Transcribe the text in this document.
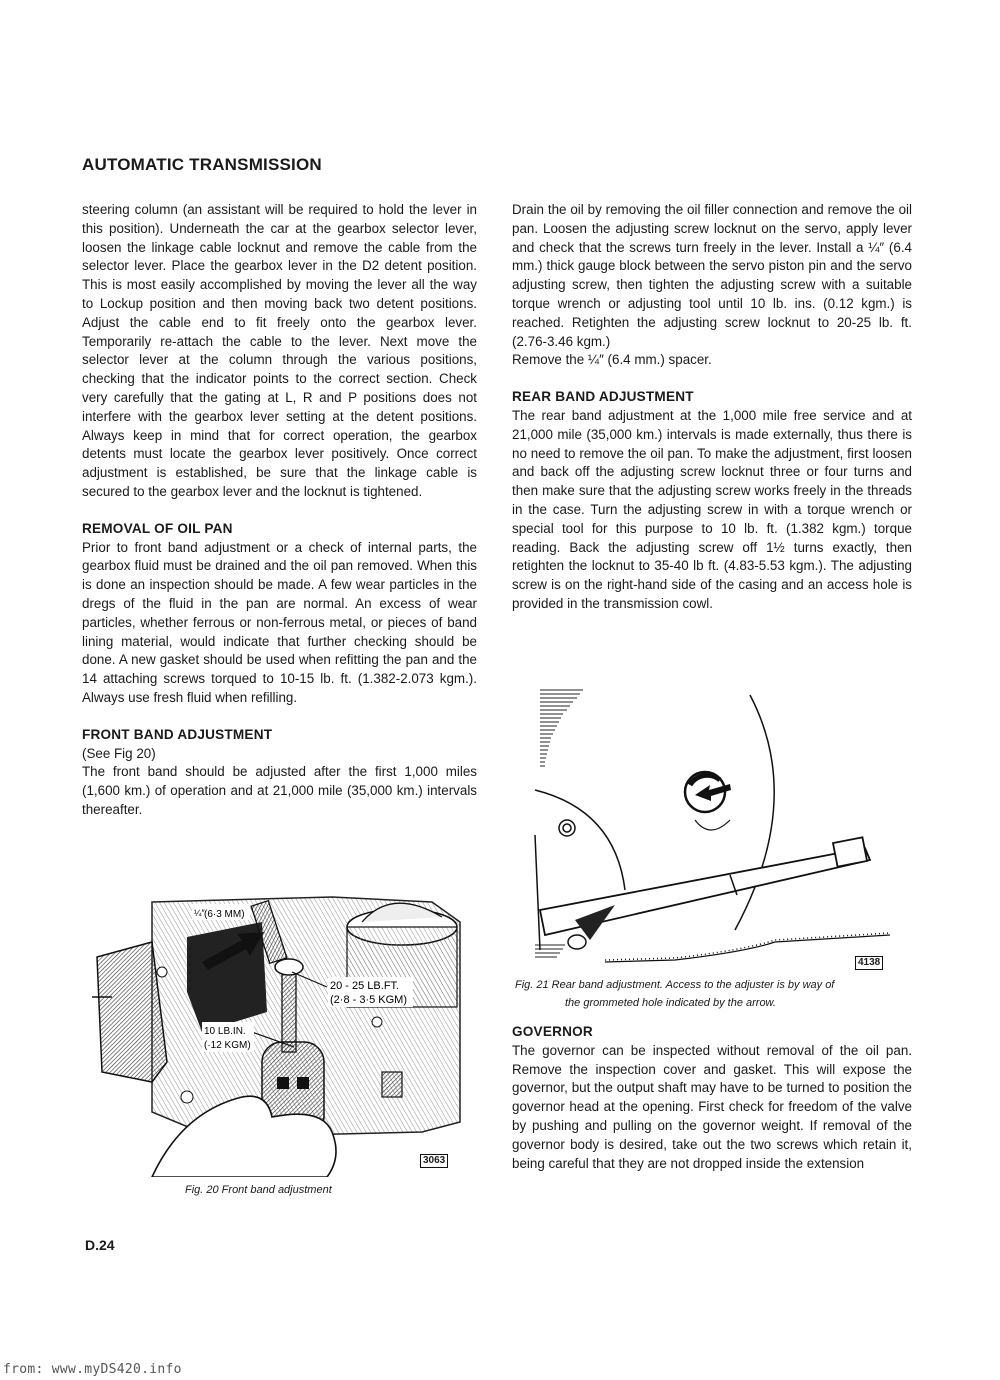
AUTOMATIC TRANSMISSION

steering column (an assistant will be required to hold the lever in this position). Underneath the car at the gearbox selector lever, loosen the linkage cable locknut and remove the cable from the selector lever. Place the gearbox lever in the D2 detent position. This is most easily accomplished by moving the lever all the way to Lockup position and then moving back two detent positions. Adjust the cable end to fit freely onto the gearbox lever. Temporarily re-attach the cable to the lever. Next move the selector lever at the column through the various positions, checking that the indicator points to the correct section. Check very carefully that the gating at L, R and P positions does not interfere with the gearbox lever setting at the detent positions. Always keep in mind that for correct operation, the gearbox detents must locate the gearbox lever positively. Once correct adjustment is established, be sure that the linkage cable is secured to the gearbox lever and the locknut is tightened.

REMOVAL OF OIL PAN

Prior to front band adjustment or a check of internal parts, the gearbox fluid must be drained and the oil pan removed. When this is done an inspection should be made. A few wear particles in the dregs of the fluid in the pan are normal. An excess of wear particles, whether ferrous or non-ferrous metal, or pieces of band lining material, would indicate that further checking should be done. A new gasket should be used when refitting the pan and the 14 attaching screws torqued to 10-15 lb. ft. (1.382-2.073 kgm.). Always use fresh fluid when refilling.

FRONT BAND ADJUSTMENT

(See Fig 20)

The front band should be adjusted after the first 1,000 miles (1,600 km.) of operation and at 21,000 mile (35,000 km.) intervals thereafter.

¼″ (6·3 MM)
20 - 25 LB.FT.
(2·8 - 3·5 KGM)
10 LB.IN.
(·12 KGM)
3063
Fig. 20 Front band adjustment

Drain the oil by removing the oil filler connection and remove the oil pan. Loosen the adjusting screw locknut on the servo, apply lever and check that the screws turn freely in the lever. Install a ¼″ (6.4 mm.) thick gauge block between the servo piston pin and the servo adjusting screw, then tighten the adjusting screw with a suitable torque wrench or adjusting tool until 10 lb. ins. (0.12 kgm.) is reached. Retighten the adjusting screw locknut to 20-25 lb. ft. (2.76-3.46 kgm.)

Remove the ¼″ (6.4 mm.) spacer.

REAR BAND ADJUSTMENT

The rear band adjustment at the 1,000 mile free service and at 21,000 mile (35,000 km.) intervals is made externally, thus there is no need to remove the oil pan. To make the adjustment, first loosen and back off the adjusting screw locknut three or four turns and then make sure that the adjusting screw works freely in the threads in the case. Turn the adjusting screw in with a torque wrench or special tool for this purpose to 10 lb. ft. (1.382 kgm.) torque reading. Back the adjusting screw off 1½ turns exactly, then retighten the locknut to 35-40 lb ft. (4.83-5.53 kgm.). The adjusting screw is on the right-hand side of the casing and an access hole is provided in the transmission cowl.

4138
Fig. 21 Rear band adjustment. Access to the adjuster is by way of
the grommeted hole indicated by the arrow.
GOVERNOR

The governor can be inspected without removal of the oil pan. Remove the inspection cover and gasket. This will expose the governor, but the output shaft may have to be turned to position the governor head at the opening. First check for freedom of the valve by pushing and pulling on the governor weight. If removal of the governor body is desired, take out the two screws which retain it, being careful that they are not dropped inside the extension

D.24
from: www.myDS420.info
